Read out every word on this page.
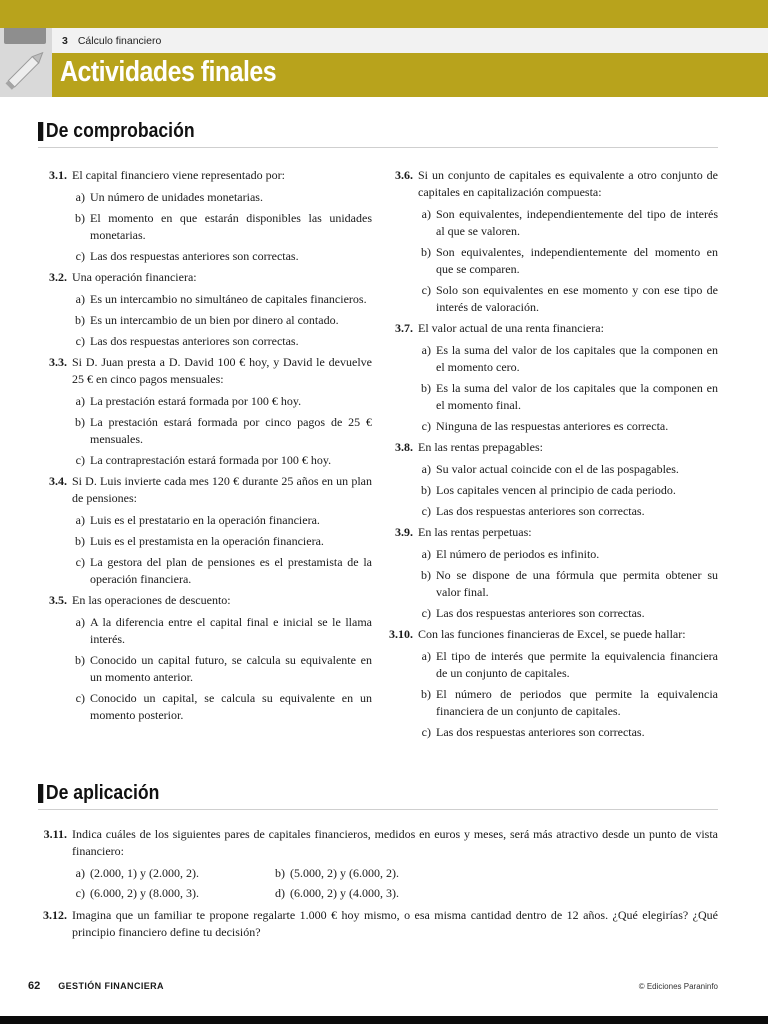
3 Cálculo financiero
Actividades finales
De comprobación
3.1. El capital financiero viene representado por:
a) Un número de unidades monetarias.
b) El momento en que estarán disponibles las unidades monetarias.
c) Las dos respuestas anteriores son correctas.
3.2. Una operación financiera:
a) Es un intercambio no simultáneo de capitales financieros.
b) Es un intercambio de un bien por dinero al contado.
c) Las dos respuestas anteriores son correctas.
3.3. Si D. Juan presta a D. David 100 € hoy, y David le devuelve 25 € en cinco pagos mensuales:
a) La prestación estará formada por 100 € hoy.
b) La prestación estará formada por cinco pagos de 25 € mensuales.
c) La contraprestación estará formada por 100 € hoy.
3.4. Si D. Luis invierte cada mes 120 € durante 25 años en un plan de pensiones:
a) Luis es el prestatario en la operación financiera.
b) Luis es el prestamista en la operación financiera.
c) La gestora del plan de pensiones es el prestamista de la operación financiera.
3.5. En las operaciones de descuento:
a) A la diferencia entre el capital final e inicial se le llama interés.
b) Conocido un capital futuro, se calcula su equivalente en un momento anterior.
c) Conocido un capital, se calcula su equivalente en un momento posterior.
3.6. Si un conjunto de capitales es equivalente a otro conjunto de capitales en capitalización compuesta:
a) Son equivalentes, independientemente del tipo de interés al que se valoren.
b) Son equivalentes, independientemente del momento en que se comparen.
c) Solo son equivalentes en ese momento y con ese tipo de interés de valoración.
3.7. El valor actual de una renta financiera:
a) Es la suma del valor de los capitales que la componen en el momento cero.
b) Es la suma del valor de los capitales que la componen en el momento final.
c) Ninguna de las respuestas anteriores es correcta.
3.8. En las rentas prepagables:
a) Su valor actual coincide con el de las pospagables.
b) Los capitales vencen al principio de cada periodo.
c) Las dos respuestas anteriores son correctas.
3.9. En las rentas perpetuas:
a) El número de periodos es infinito.
b) No se dispone de una fórmula que permita obtener su valor final.
c) Las dos respuestas anteriores son correctas.
3.10. Con las funciones financieras de Excel, se puede hallar:
a) El tipo de interés que permite la equivalencia financiera de un conjunto de capitales.
b) El número de periodos que permite la equivalencia financiera de un conjunto de capitales.
c) Las dos respuestas anteriores son correctas.
De aplicación
3.11. Indica cuáles de los siguientes pares de capitales financieros, medidos en euros y meses, será más atractivo desde un punto de vista financiero:
a) (2.000, 1) y (2.000, 2).	b) (5.000, 2) y (6.000, 2).
c) (6.000, 2) y (8.000, 3).	d) (6.000, 2) y (4.000, 3).
3.12. Imagina que un familiar te propone regalarte 1.000 € hoy mismo, o esa misma cantidad dentro de 12 años. ¿Qué elegirías? ¿Qué principio financiero define tu decisión?
62 GESTIÓN FINANCIERA	© Ediciones Paraninfo
